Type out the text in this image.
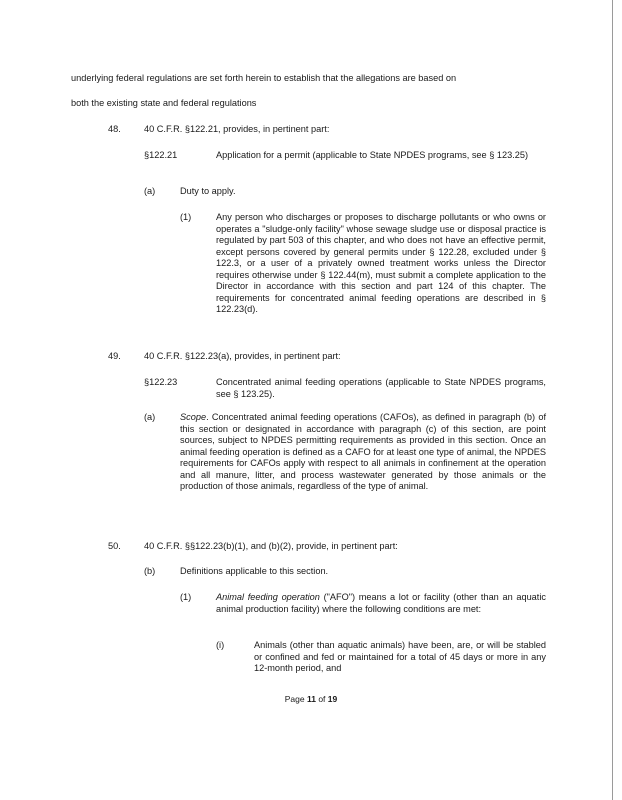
underlying federal regulations are set forth herein to establish that the allegations are based on
both the existing state and federal regulations
48.	40 C.F.R. §122.21, provides, in pertinent part:
§122.21	Application for a permit (applicable to State NPDES programs, see § 123.25)

(a)	Duty to apply.
(1)	Any person who discharges or proposes to discharge pollutants or who owns or operates a "sludge-only facility" whose sewage sludge use or disposal practice is regulated by part 503 of this chapter, and who does not have an effective permit, except persons covered by general permits under § 122.28, excluded under § 122.3, or a user of a privately owned treatment works unless the Director requires otherwise under § 122.44(m), must submit a complete application to the Director in accordance with this section and part 124 of this chapter. The requirements for concentrated animal feeding operations are described in § 122.23(d).

49.	40 C.F.R. §122.23(a), provides, in pertinent part:
§122.23	Concentrated animal feeding operations (applicable to State NPDES programs, see § 123.25).

(a)	Scope. Concentrated animal feeding operations (CAFOs), as defined in paragraph (b) of this section or designated in accordance with paragraph (c) of this section, are point sources, subject to NPDES permitting requirements as provided in this section. Once an animal feeding operation is defined as a CAFO for at least one type of animal, the NPDES requirements for CAFOs apply with respect to all animals in confinement at the operation and all manure, litter, and process wastewater generated by those animals or the production of those animals, regardless of the type of animal.

50.	40 C.F.R. §§122.23(b)(1), and (b)(2), provide, in pertinent part:
(b)	Definitions applicable to this section.
(1)	Animal feeding operation ("AFO") means a lot or facility (other than an aquatic animal production facility) where the following conditions are met:

(i)	Animals (other than aquatic animals) have been, are, or will be stabled or confined and fed or maintained for a total of 45 days or more in any 12-month period, and

Page 11 of 19
